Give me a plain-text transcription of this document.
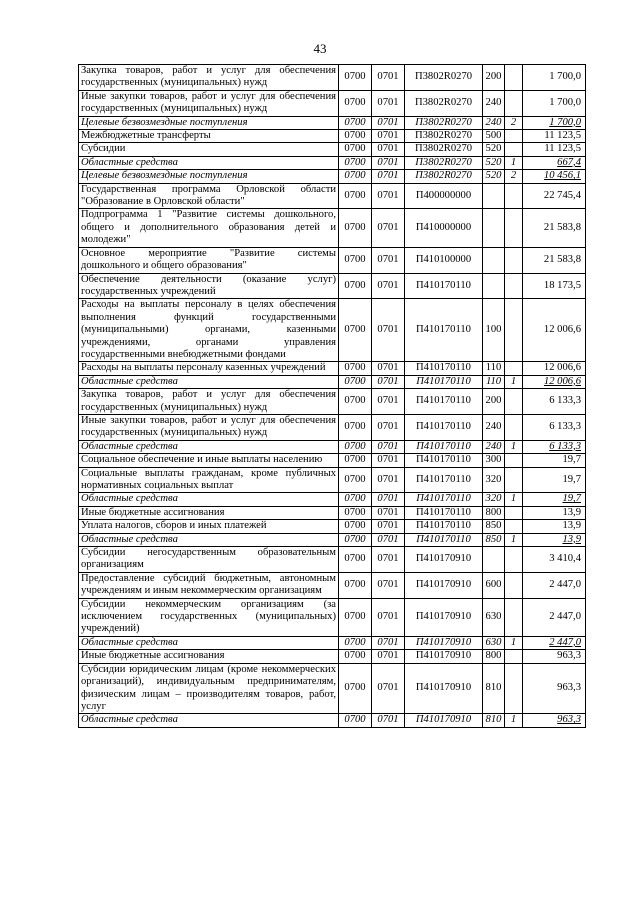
43
Закупка товаров, работ и услуг для обеспечения государственных (муниципальных) нужд	0700	0701	П3802R0270	200		1 700,0
Иные закупки товаров, работ и услуг для обеспечения государственных (муниципальных) нужд	0700	0701	П3802R0270	240		1 700,0
Целевые безвозмездные поступления	0700	0701	П3802R0270	240	2	1 700,0
Межбюджетные трансферты	0700	0701	П3802R0270	500		11 123,5
Субсидии	0700	0701	П3802R0270	520		11 123,5
Областные средства	0700	0701	П3802R0270	520	1	667,4
Целевые безвозмездные поступления	0700	0701	П3802R0270	520	2	10 456,1
Государственная программа Орловской области "Образование в Орловской области"	0700	0701	П400000000			22 745,4
Подпрограмма 1 "Развитие системы дошкольного, общего и дополнительного образования детей и молодежи"	0700	0701	П410000000			21 583,8
Основное мероприятие "Развитие системы дошкольного и общего образования"	0700	0701	П410100000			21 583,8
Обеспечение деятельности (оказание услуг) государственных учреждений	0700	0701	П410170110			18 173,5
Расходы на выплаты персоналу в целях обеспечения выполнения функций государственными (муниципальными) органами, казенными учреждениями, органами управления государственными внебюджетными фондами	0700	0701	П410170110	100		12 006,6
Расходы на выплаты персоналу казенных учреждений	0700	0701	П410170110	110		12 006,6
Областные средства	0700	0701	П410170110	110	1	12 006,6
Закупка товаров, работ и услуг для обеспечения государственных (муниципальных) нужд	0700	0701	П410170110	200		6 133,3
Иные закупки товаров, работ и услуг для обеспечения государственных (муниципальных) нужд	0700	0701	П410170110	240		6 133,3
Областные средства	0700	0701	П410170110	240	1	6 133,3
Социальное обеспечение и иные выплаты населению	0700	0701	П410170110	300		19,7
Социальные выплаты гражданам, кроме публичных нормативных социальных выплат	0700	0701	П410170110	320		19,7
Областные средства	0700	0701	П410170110	320	1	19,7
Иные бюджетные ассигнования	0700	0701	П410170110	800		13,9
Уплата налогов, сборов и иных платежей	0700	0701	П410170110	850		13,9
Областные средства	0700	0701	П410170110	850	1	13,9
Субсидии негосударственным образовательным организациям	0700	0701	П410170910			3 410,4
Предоставление субсидий бюджетным, автономным учреждениям и иным некоммерческим организациям	0700	0701	П410170910	600		2 447,0
Субсидии некоммерческим организациям (за исключением государственных (муниципальных) учреждений)	0700	0701	П410170910	630		2 447,0
Областные средства	0700	0701	П410170910	630	1	2 447,0
Иные бюджетные ассигнования	0700	0701	П410170910	800		963,3
Субсидии юридическим лицам (кроме некоммерческих организаций), индивидуальным предпринимателям, физическим лицам – производителям товаров, работ, услуг	0700	0701	П410170910	810		963,3
Областные средства	0700	0701	П410170910	810	1	963,3
